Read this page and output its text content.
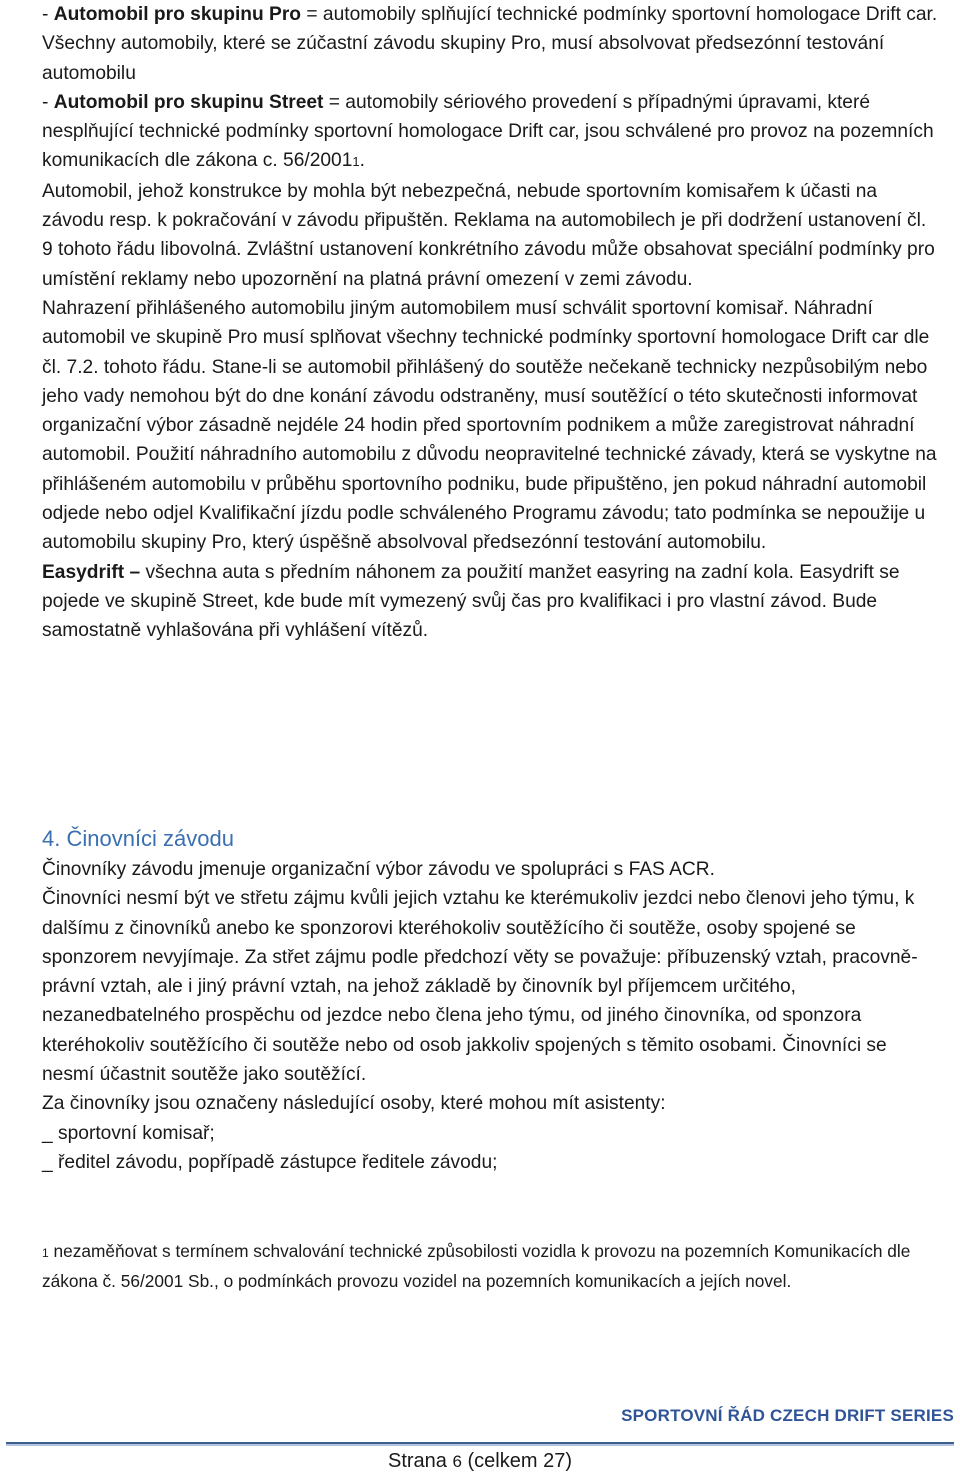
- Automobil pro skupinu Pro = automobily splňující technické podmínky sportovní homologace Drift car. Všechny automobily, které se zúčastní závodu skupiny Pro, musí absolvovat předsezónní testování automobilu

- Automobil pro skupinu Street = automobily sériového provedení s případnými úpravami, které nesplňující technické podmínky sportovní homologace Drift car, jsou schválené pro provoz na pozemních komunikacích dle zákona c. 56/20011.

Automobil, jehož konstrukce by mohla být nebezpečná, nebude sportovním komisařem k účasti na závodu resp. k pokračování v závodu připuštěn. Reklama na automobilech je při dodržení ustanovení čl. 9 tohoto řádu libovolná. Zvláštní ustanovení konkrétního závodu může obsahovat speciální podmínky pro umístění reklamy nebo upozornění na platná právní omezení v zemi závodu.

Nahrazení přihlášeného automobilu jiným automobilem musí schválit sportovní komisař. Náhradní automobil ve skupině Pro musí splňovat všechny technické podmínky sportovní homologace Drift car dle čl. 7.2. tohoto řádu. Stane-li se automobil přihlášený do soutěže nečekaně technicky nezpůsobilým nebo jeho vady nemohou být do dne konání závodu odstraněny, musí soutěžící o této skutečnosti informovat organizační výbor zásadně nejdéle 24 hodin před sportovním podnikem a může zaregistrovat náhradní automobil. Použití náhradního automobilu z důvodu neopravitelné technické závady, která se vyskytne na přihlášeném automobilu v průběhu sportovního podniku, bude připuštěno, jen pokud náhradní automobil odjede nebo odjel Kvalifikační jízdu podle schváleného Programu závodu; tato podmínka se nepoužije u automobilu skupiny Pro, který úspěšně absolvoval předsezónní testování automobilu.

Easydrift – všechna auta s předním náhonem za použití manžet easyring na zadní kola. Easydrift se pojede ve skupině Street, kde bude mít vymezený svůj čas pro kvalifikaci i pro vlastní závod. Bude samostatně vyhlašována při vyhlášení vítězů.

4. Činovníci závodu

Činovníky závodu jmenuje organizační výbor závodu ve spolupráci s FAS ACR.

Činovníci nesmí být ve střetu zájmu kvůli jejich vztahu ke kterémukoliv jezdci nebo členovi jeho týmu, k dalšímu z činovníků anebo ke sponzorovi kteréhokoliv soutěžícího či soutěže, osoby spojené se sponzorem nevyjímaje. Za střet zájmu podle předchozí věty se považuje: příbuzenský vztah, pracovně-právní vztah, ale i jiný právní vztah, na jehož základě by činovník byl příjemcem určitého, nezanedbatelného prospěchu od jezdce nebo člena jeho týmu, od jiného činovníka, od sponzora kteréhokoliv soutěžícího či soutěže nebo od osob jakkoliv spojených s těmito osobami. Činovníci se nesmí účastnit soutěže jako soutěžící.

Za činovníky jsou označeny následující osoby, které mohou mít asistenty:

_ sportovní komisař;

_ ředitel závodu, popřípadě zástupce ředitele závodu;

1 nezaměňovat s termínem schvalování technické způsobilosti vozidla k provozu na pozemních Komunikacích dle zákona č. 56/2001 Sb., o podmínkách provozu vozidel na pozemních komunikacích a jejích novel.
SPORTOVNÍ ŘÁD CZECH DRIFT SERIES
Strana 6 (celkem 27)
